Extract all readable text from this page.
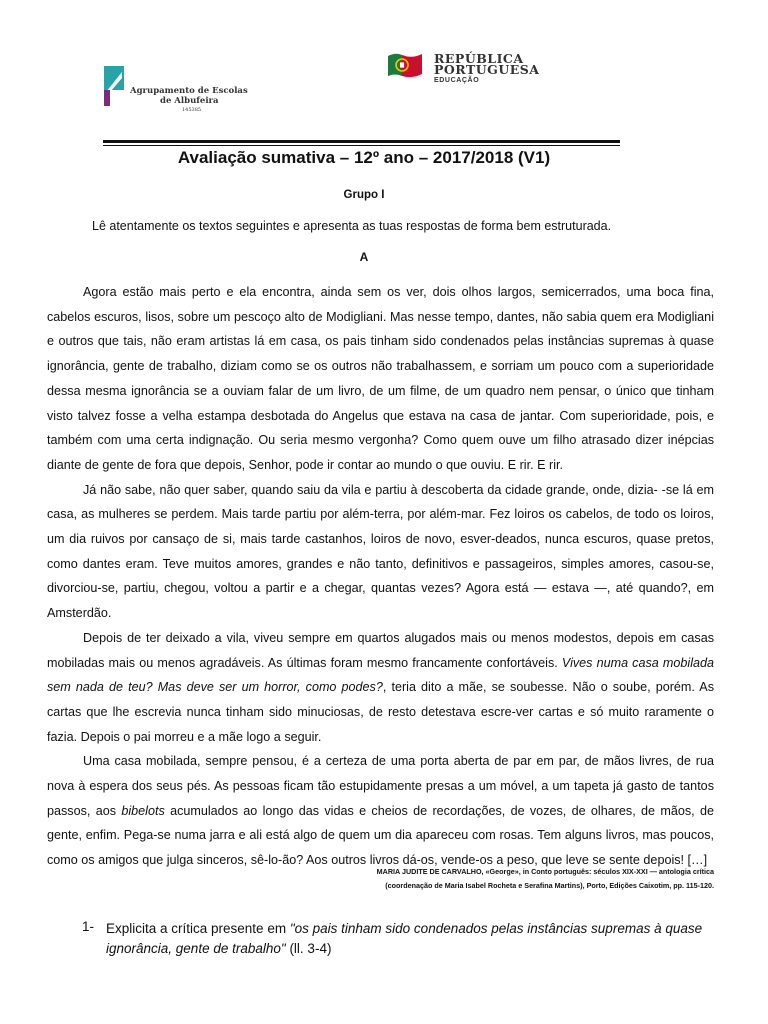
Agrupamento de Escolas
de Albufeira
145385
REPÚBLICA
PORTUGUESA
EDUCAÇÃO
Avaliação sumativa – 12º ano – 2017/2018 (V1)
Grupo I
Lê atentamente os textos seguintes e apresenta as tuas respostas de forma bem estruturada.
A

Agora estão mais perto e ela encontra, ainda sem os ver, dois olhos largos, semicerrados, uma boca fina, cabelos escuros, lisos, sobre um pescoço alto de Modigliani. Mas nesse tempo, dantes, não sabia quem era Modigliani e outros que tais, não eram artistas lá em casa, os pais tinham sido condenados pelas instâncias supremas à quase ignorância, gente de trabalho, diziam como se os outros não trabalhassem, e sorriam um pouco com a superioridade dessa mesma ignorância se a ouviam falar de um livro, de um filme, de um quadro nem pensar, o único que tinham visto talvez fosse a velha estampa desbotada do Angelus que estava na casa de jantar. Com superioridade, pois, e também com uma certa indignação. Ou seria mesmo vergonha? Como quem ouve um filho atrasado dizer inépcias diante de gente de fora que depois, Senhor, pode ir contar ao mundo o que ouviu. E rir. E rir.

Já não sabe, não quer saber, quando saiu da vila e partiu à descoberta da cidade grande, onde, dizia- -se lá em casa, as mulheres se perdem. Mais tarde partiu por além-terra, por além-mar. Fez loiros os cabelos, de todo os loiros, um dia ruivos por cansaço de si, mais tarde castanhos, loiros de novo, esver-deados, nunca escuros, quase pretos, como dantes eram. Teve muitos amores, grandes e não tanto, definitivos e passageiros, simples amores, casou-se, divorciou-se, partiu, chegou, voltou a partir e a chegar, quantas vezes? Agora está — estava —, até quando?, em Amsterdão.

Depois de ter deixado a vila, viveu sempre em quartos alugados mais ou menos modestos, depois em casas mobiladas mais ou menos agradáveis. As últimas foram mesmo francamente confortáveis. Vives numa casa mobilada sem nada de teu? Mas deve ser um horror, como podes?, teria dito a mãe, se soubesse. Não o soube, porém. As cartas que lhe escrevia nunca tinham sido minuciosas, de resto detestava escre-ver cartas e só muito raramente o fazia. Depois o pai morreu e a mãe logo a seguir.

Uma casa mobilada, sempre pensou, é a certeza de uma porta aberta de par em par, de mãos livres, de rua nova à espera dos seus pés. As pessoas ficam tão estupidamente presas a um móvel, a um tapeta já gasto de tantos passos, aos bibelots acumulados ao longo das vidas e cheios de recordações, de vozes, de olhares, de mãos, de gente, enfim. Pega-se numa jarra e ali está algo de quem um dia apareceu com rosas. Tem alguns livros, mas poucos, como os amigos que julga sinceros, sê-lo-ão? Aos outros livros dá-os, vende-os a peso, que leve se sente depois! […]

MARIA JUDITE DE CARVALHO, «George», in Conto português: séculos XIX-XXI — antologia crítica
(coordenação de Maria Isabel Rocheta e Serafina Martins), Porto, Edições Caixotim, pp. 115-120.
1- Explicita a crítica presente em "os pais tinham sido condenados pelas instâncias supremas à quase ignorância, gente de trabalho" (ll. 3-4)
